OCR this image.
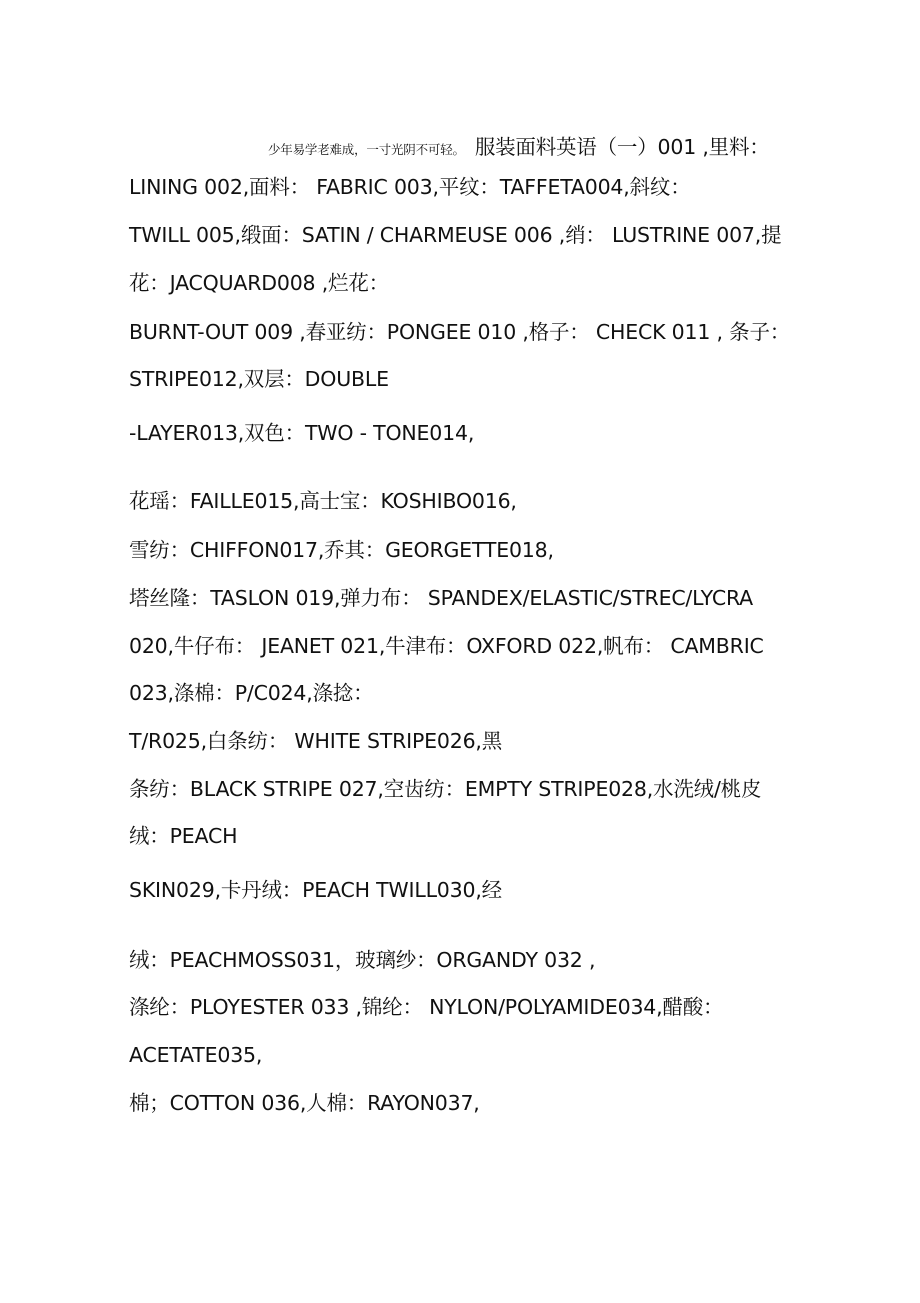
少年易学老难成，一寸光阴不可轻。 服装面料英语（一）001 ,里料：
LINING 002,面料： FABRIC 003,平纹：TAFFETA004,斜纹：
TWILL 005,缎面：SATIN / CHARMEUSE 006 ,绡： LUSTRINE 007,提
花：JACQUARD008 ,烂花：
BURNT-OUT 009 ,春亚纺：PONGEE 010 ,格子： CHECK 011 , 条子：
STRIPE012,双层：DOUBLE
-LAYER013,双色：TWO - TONE014,
花瑶：FAILLE015,高士宝：KOSHIBO016,
雪纺：CHIFFON017,乔其：GEORGETTE018,
塔丝隆：TASLON 019,弹力布： SPANDEX/ELASTIC/STREC/LYCRA
020,牛仔布： JEANET 021,牛津布：OXFORD 022,帆布： CAMBRIC
023,涤棉：P/C024,涤捻：
T/R025,白条纺： WHITE STRIPE026,黑
条纺：BLACK STRIPE 027,空齿纺：EMPTY STRIPE028,水洗绒/桃皮
绒：PEACH
SKIN029,卡丹绒：PEACH TWILL030,经
绒：PEACHMOSS031，玻璃纱：ORGANDY 032 ,
涤纶：PLOYESTER 033 ,锦纶： NYLON/POLYAMIDE034,醋酸：
ACETATE035,
棉；COTTON 036,人棉：RAYON037,
